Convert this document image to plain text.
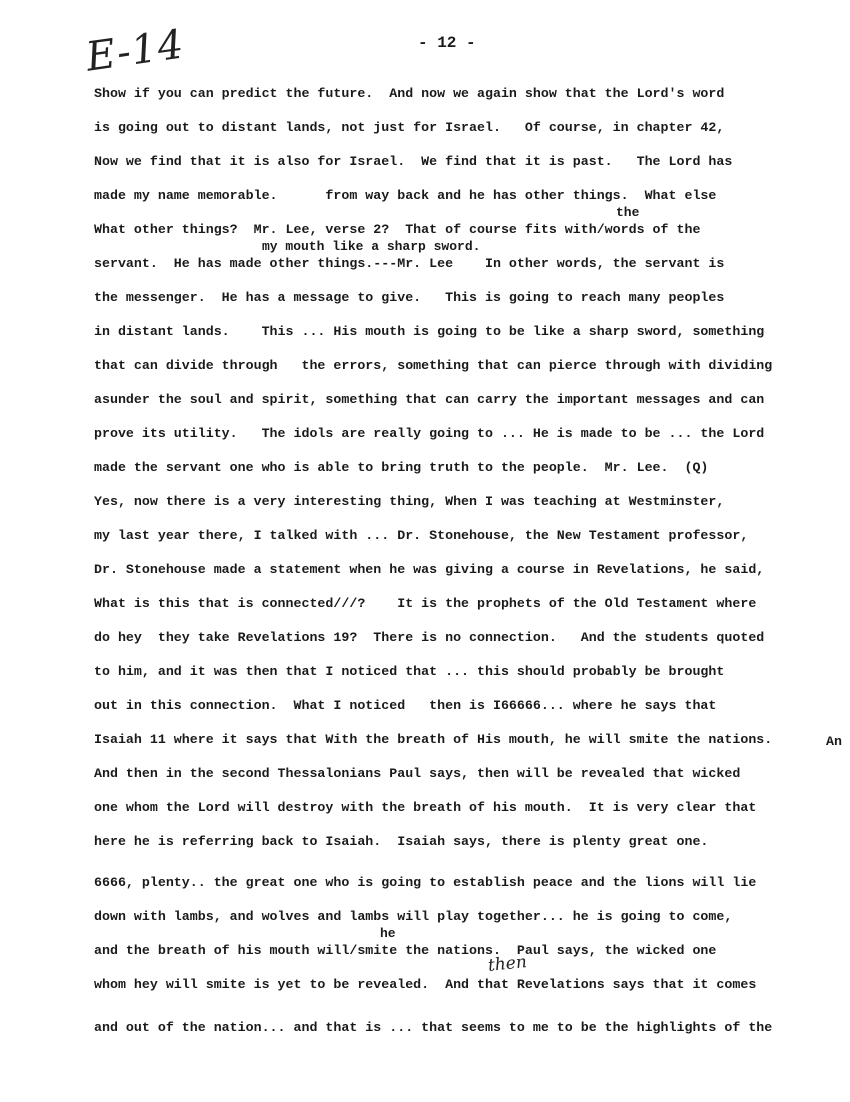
E-14	- 12 -
Show if you can predict the future.  And now we again show that the Lord's word
is going out to distant lands, not just for Israel.   Of course, in chapter 42,
Now we find that it is also for Israel.  We find that it is past.   The Lord has
made my name memorable.      from way back and he has other things.  What else
the
What other things?  Mr. Lee, verse 2?  That of course fits with/words of the
my mouth like a sharp sword.
servant.  He has made other things.---Mr. Lee    In other words, the servant is
the messenger.  He has a message to give.   This is going to reach many peoples
in distant lands.    This ... His mouth is going to be like a sharp sword, something
that can divide through   the errors, something that can pierce through with dividing
asunder the soul and spirit, something that can carry the important messages and can
prove its utility.   The idols are really going to ... He is made to be ... the Lord
made the servant one who is able to bring truth to the people.  Mr. Lee.  (Q)
Yes, now there is a very interesting thing, When I was teaching at Westminster,
my last year there, I talked with ... Dr. Stonehouse, the New Testament professor,
Dr. Stonehouse made a statement when he was giving a course in Revelations, he said,
What is this that is connected///?    It is the prophets of the Old Testament where
do hey  they take Revelations 19?  There is no connection.   And the students quoted
to him, and it was then that I noticed that ... this should probably be brought
out in this connection.  What I noticed   then is I66666... where he says that
Isaiah 11 where it says that With the breath of His mouth, he will smite the nations.	An
And then in the second Thessalonians Paul says, then will be revealed that wicked
one whom the Lord will destroy with the breath of his mouth.  It is very clear that
here he is referring back to Isaiah.  Isaiah says, there is plenty great one.
6666, plenty.. the great one who is going to establish peace and the lions will lie
down with lambs, and wolves and lambs will play together... he is going to come,
he
and the breath of his mouth will/smite the nations.  Paul says, the wicked one
then
whom hey will smite is yet to be revealed.  And that Revelations says that it comes
and out of the nation... and that is ... that seems to me to be the highlights of the
